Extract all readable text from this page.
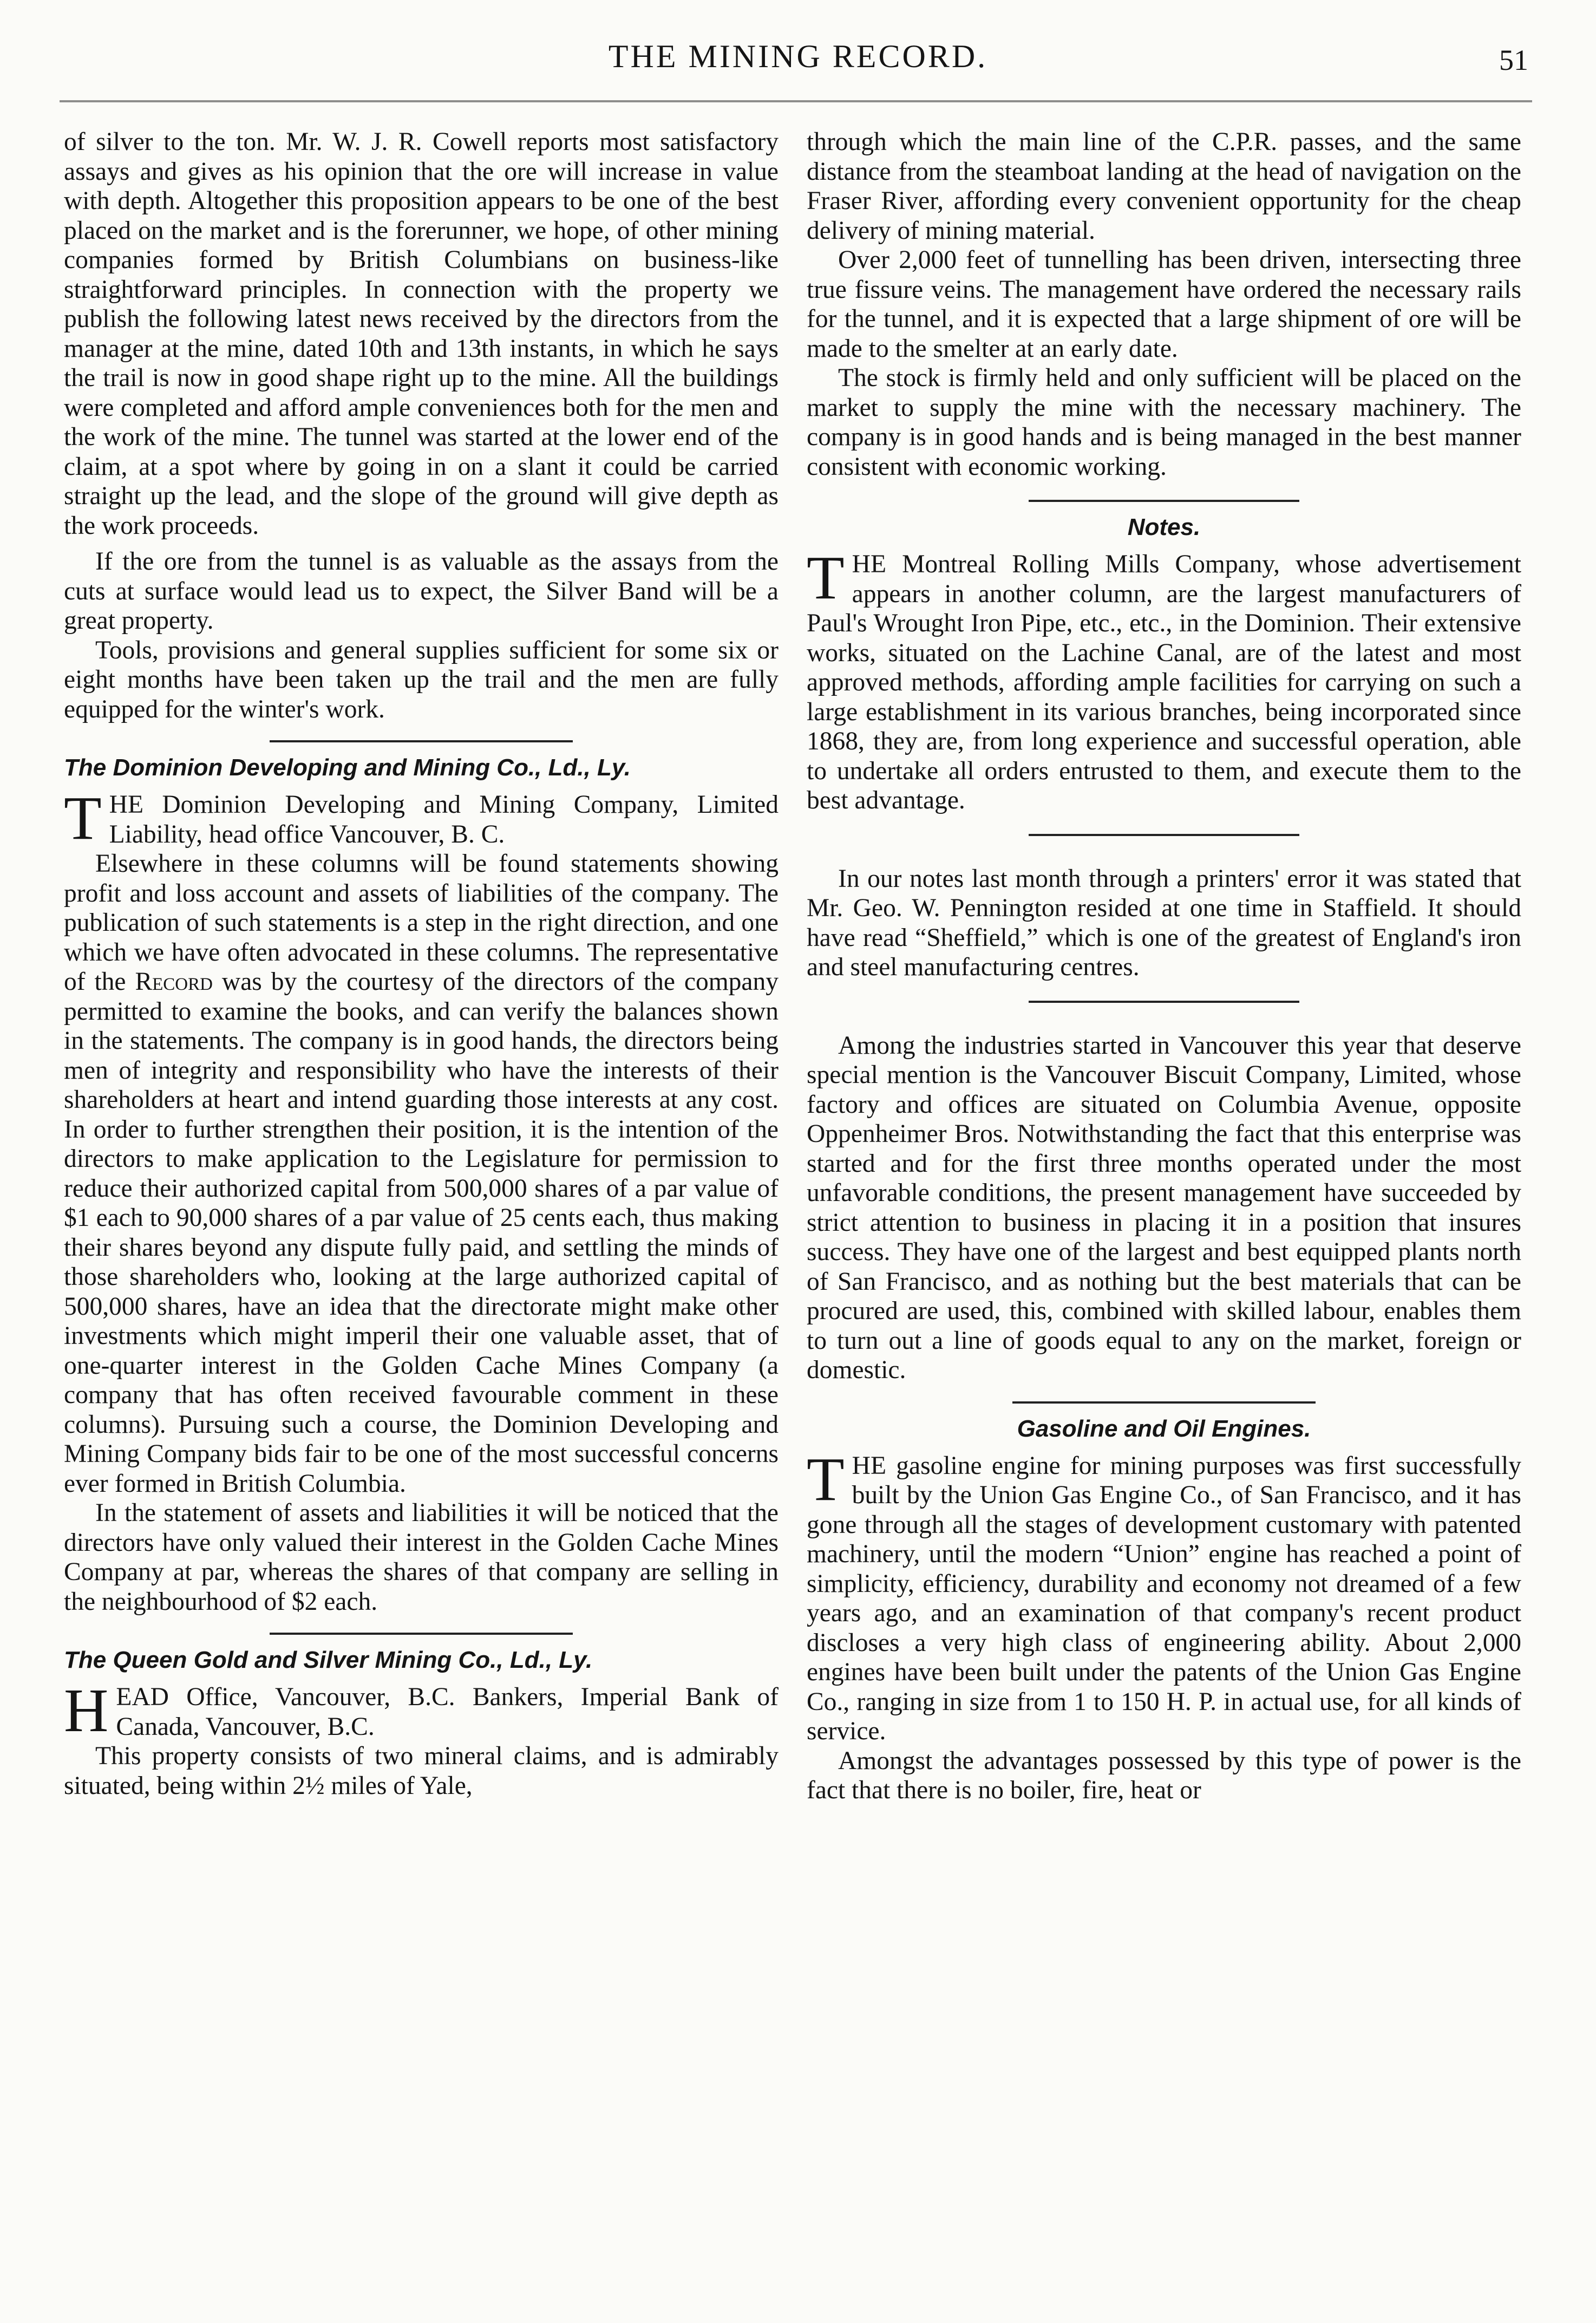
THE MINING RECORD.	51

of silver to the ton. Mr. W. J. R. Cowell reports most satisfactory assays and gives as his opinion that the ore will increase in value with depth. Altogether this proposition appears to be one of the best placed on the market and is the forerunner, we hope, of other mining companies formed by British Columbians on business-like straightforward principles. In connection with the property we publish the following latest news received by the directors from the manager at the mine, dated 10th and 13th instants, in which he says the trail is now in good shape right up to the mine. All the buildings were completed and afford ample conveniences both for the men and the work of the mine. The tunnel was started at the lower end of the claim, at a spot where by going in on a slant it could be carried straight up the lead, and the slope of the ground will give depth as the work proceeds.

If the ore from the tunnel is as valuable as the assays from the cuts at surface would lead us to expect, the Silver Band will be a great property.

Tools, provisions and general supplies sufficient for some six or eight months have been taken up the trail and the men are fully equipped for the winter's work.

The Dominion Developing and Mining Co., Ld., Ly.

THE Dominion Developing and Mining Company, Limited Liability, head office Vancouver, B. C.

Elsewhere in these columns will be found statements showing profit and loss account and assets of liabilities of the company. The publication of such statements is a step in the right direction, and one which we have often advocated in these columns. The representative of the Record was by the courtesy of the directors of the company permitted to examine the books, and can verify the balances shown in the statements. The company is in good hands, the directors being men of integrity and responsibility who have the interests of their shareholders at heart and intend guarding those interests at any cost. In order to further strengthen their position, it is the intention of the directors to make application to the Legislature for permission to reduce their authorized capital from 500,000 shares of a par value of $1 each to 90,000 shares of a par value of 25 cents each, thus making their shares beyond any dispute fully paid, and settling the minds of those shareholders who, looking at the large authorized capital of 500,000 shares, have an idea that the directorate might make other investments which might imperil their one valuable asset, that of one-quarter interest in the Golden Cache Mines Company (a company that has often received favourable comment in these columns). Pursuing such a course, the Dominion Developing and Mining Company bids fair to be one of the most successful concerns ever formed in British Columbia.

In the statement of assets and liabilities it will be noticed that the directors have only valued their interest in the Golden Cache Mines Company at par, whereas the shares of that company are selling in the neighbourhood of $2 each.

The Queen Gold and Silver Mining Co., Ld., Ly.

HEAD Office, Vancouver, B.C. Bankers, Imperial Bank of Canada, Vancouver, B.C.

This property consists of two mineral claims, and is admirably situated, being within 2½ miles of Yale,

through which the main line of the C.P.R. passes, and the same distance from the steamboat landing at the head of navigation on the Fraser River, affording every convenient opportunity for the cheap delivery of mining material.

Over 2,000 feet of tunnelling has been driven, intersecting three true fissure veins. The management have ordered the necessary rails for the tunnel, and it is expected that a large shipment of ore will be made to the smelter at an early date.

The stock is firmly held and only sufficient will be placed on the market to supply the mine with the necessary machinery. The company is in good hands and is being managed in the best manner consistent with economic working.

Notes.

THE Montreal Rolling Mills Company, whose advertisement appears in another column, are the largest manufacturers of Paul's Wrought Iron Pipe, etc., etc., in the Dominion. Their extensive works, situated on the Lachine Canal, are of the latest and most approved methods, affording ample facilities for carrying on such a large establishment in its various branches, being incorporated since 1868, they are, from long experience and successful operation, able to undertake all orders entrusted to them, and execute them to the best advantage.

In our notes last month through a printers' error it was stated that Mr. Geo. W. Pennington resided at one time in Staffield. It should have read “Sheffield,” which is one of the greatest of England's iron and steel manufacturing centres.

Among the industries started in Vancouver this year that deserve special mention is the Vancouver Biscuit Company, Limited, whose factory and offices are situated on Columbia Avenue, opposite Oppenheimer Bros. Notwithstanding the fact that this enterprise was started and for the first three months operated under the most unfavorable conditions, the present management have succeeded by strict attention to business in placing it in a position that insures success. They have one of the largest and best equipped plants north of San Francisco, and as nothing but the best materials that can be procured are used, this, combined with skilled labour, enables them to turn out a line of goods equal to any on the market, foreign or domestic.

Gasoline and Oil Engines.

THE gasoline engine for mining purposes was first successfully built by the Union Gas Engine Co., of San Francisco, and it has gone through all the stages of development customary with patented machinery, until the modern “Union” engine has reached a point of simplicity, efficiency, durability and economy not dreamed of a few years ago, and an examination of that company's recent product discloses a very high class of engineering ability. About 2,000 engines have been built under the patents of the Union Gas Engine Co., ranging in size from 1 to 150 H. P. in actual use, for all kinds of service.

Amongst the advantages possessed by this type of power is the fact that there is no boiler, fire, heat or
